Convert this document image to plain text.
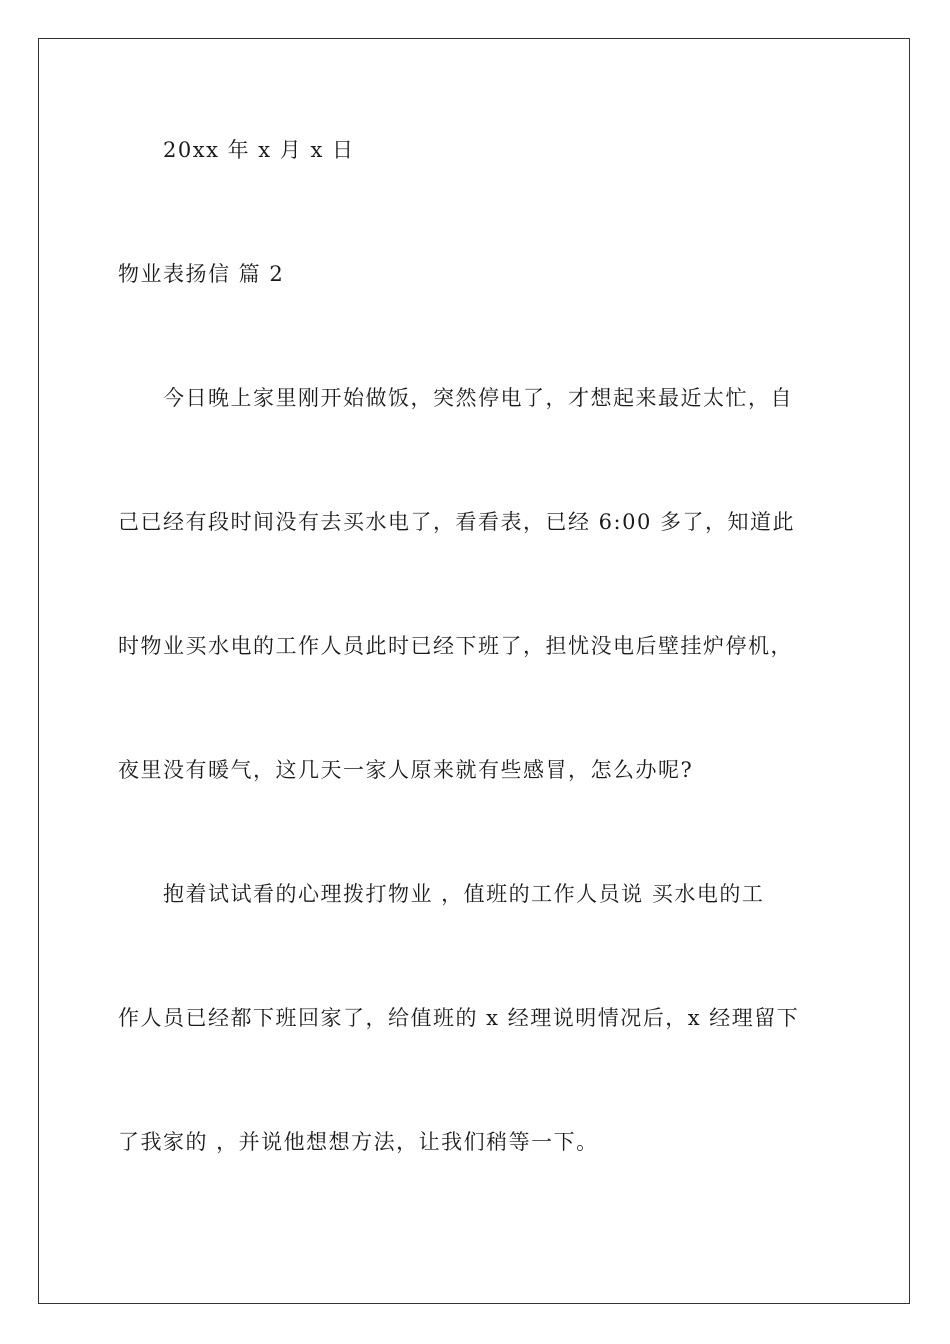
20xx 年 x 月 x 日
物业表扬信 篇 2
今日晚上家里刚开始做饭，突然停电了，才想起来最近太忙，自
己已经有段时间没有去买水电了，看看表，已经 6:00 多了，知道此
时物业买水电的工作人员此时已经下班了，担忧没电后壁挂炉停机，
夜里没有暖气，这几天一家人原来就有些感冒，怎么办呢?
抱着试试看的心理拨打物业 ，值班的工作人员说 买水电的工
作人员已经都下班回家了，给值班的 x 经理说明情况后，x 经理留下
了我家的 ，并说他想想方法，让我们稍等一下。
